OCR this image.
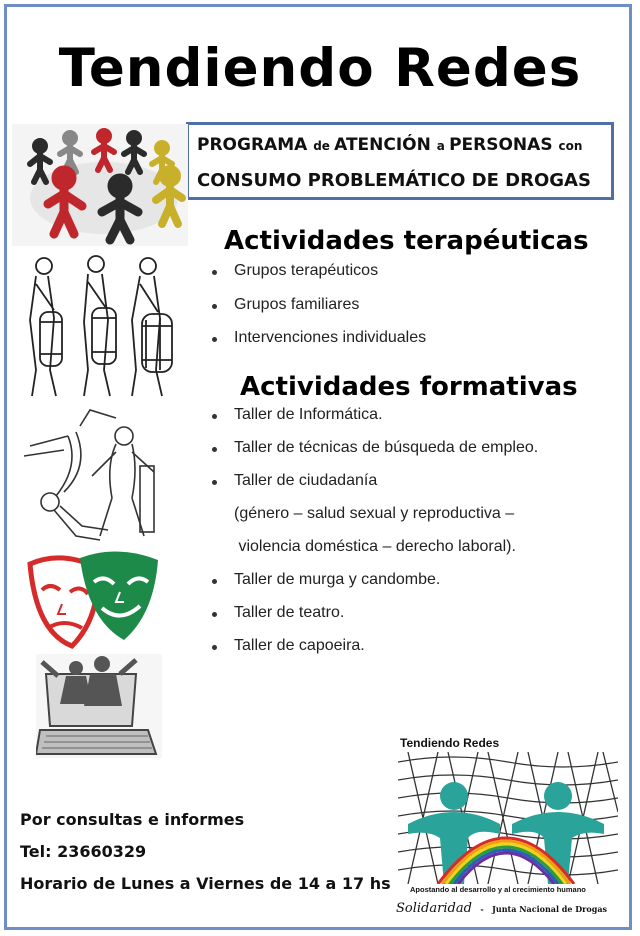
Tendiendo Redes
PROGRAMA de ATENCIÓN a PERSONAS con
CONSUMO PROBLEMÁTICO DE DROGAS
Actividades terapéuticas
Grupos terapéuticos
Grupos familiares
Intervenciones individuales
Actividades formativas
Taller de Informática.
Taller de técnicas de búsqueda de empleo.
Taller de ciudadanía
(género – salud sexual y reproductiva –
violencia doméstica – derecho laboral).
Taller de murga y candombe.
Taller de teatro.
Taller de capoeira.
Por consultas e informes
Tel: 23660329
Horario de Lunes a Viernes de 14 a 17 hs
Tendiendo Redes
Apostando al desarrollo y al crecimiento humano
Solidaridad - Junta Nacional de Drogas
